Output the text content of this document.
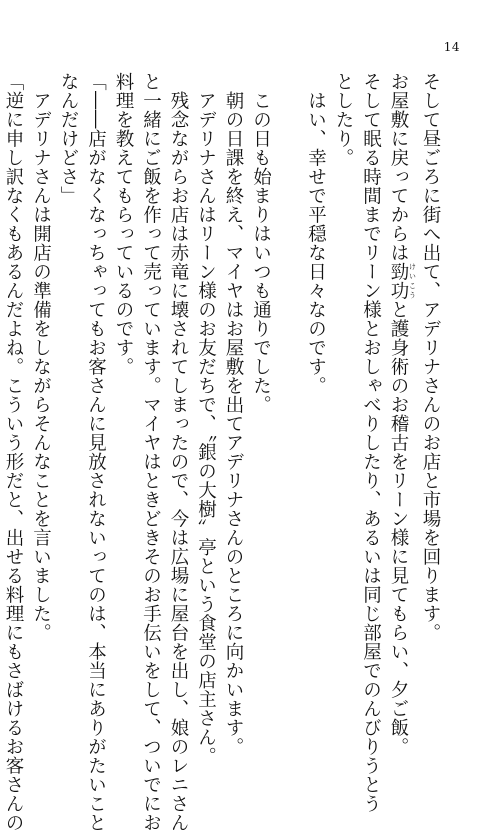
14
そして昼ごろに街へ出て、アデリナさんのお店と市場を回ります。
お屋敷に戻ってからは勁功 けいこうと護身術のお稽古をリーン様に見てもらい、夕ご飯。
そして眠る時間までリーン様とおしゃべりしたり、あるいは同じ部屋でのんびりうとう
としたり。
　はい、幸せで平穏な日々なのです。
　この日も始まりはいつも通りでした。
　朝の日課を終え、マイヤはお屋敷を出てアデリナさんのところに向かいます。
　アデリナさんはリーン様のお友だちで、〝銀の大樹〟亭という食堂の店主さん。
　残念ながらお店は赤竜に壊されてしまったので、今は広場に屋台を出し、娘のレニさん
と一緒にご飯を作って売っています。マイヤはときどきそのお手伝いをして、ついでにお
料理を教えてもらっているのです。
「――店がなくなっちゃってもお客さんに見放されないってのは、本当にありがたいこと
なんだけどさ」
　アデリナさんは開店の準備をしながらそんなことを言いました。
「逆に申し訳なくもあるんだよね。こういう形だと、出せる料理にもさばけるお客さんの
